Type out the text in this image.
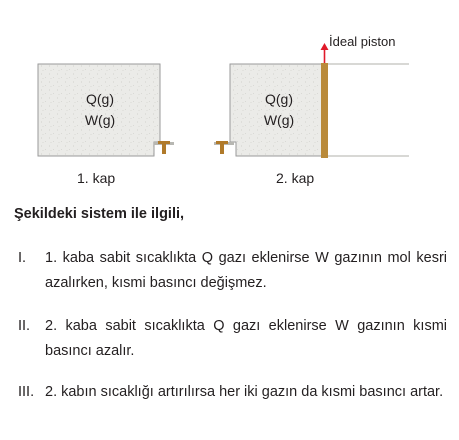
Q(g)
W(g)
Q(g)
W(g)
İdeal piston
1. kap	2. kap
Şekildeki sistem ile ilgili,
I.	1. kaba sabit sıcaklıkta Q gazı eklenirse W gazının mol kesri azalırken, kısmi basıncı değişmez.
II.	2. kaba sabit sıcaklıkta Q gazı eklenirse W gazının kısmi basıncı azalır.
III. 2. kabın sıcaklığı artırılırsa her iki gazın da kısmi basıncı artar.
